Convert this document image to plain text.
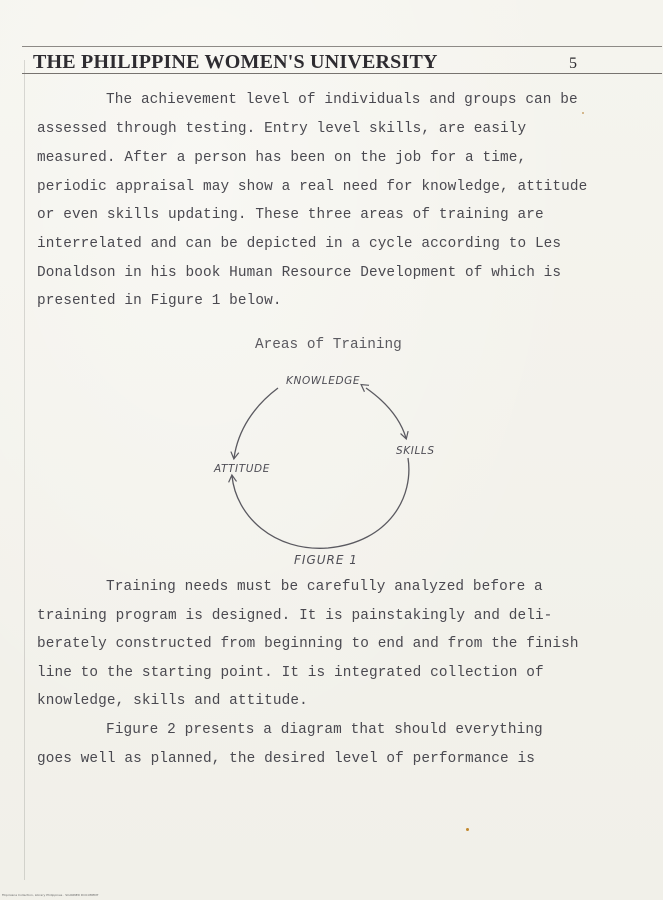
THE PHILIPPINE WOMEN'S UNIVERSITY	5
The achievement level of individuals and groups can be
assessed through testing. Entry level skills, are easily
measured. After a person has been on the job for a time,
periodic appraisal may show a real need for knowledge, attitude
or even skills updating. These three areas of training are
interrelated and can be depicted in a cycle according to Les
Donaldson in his book Human Resource Development of which is
presented in Figure 1 below.
Areas of Training
KNOWLEDGE
SKILLS
ATTITUDE
FIGURE 1
Training needs must be carefully analyzed before a
training program is designed. It is painstakingly and deli-
berately constructed from beginning to end and from the finish
line to the starting point. It is integrated collection of
knowledge, skills and attitude.
Figure 2 presents a diagram that should everything
goes well as planned, the desired level of performance is
Filipiniana Collection, Library Philippines · SCANNED DOCUMENT
